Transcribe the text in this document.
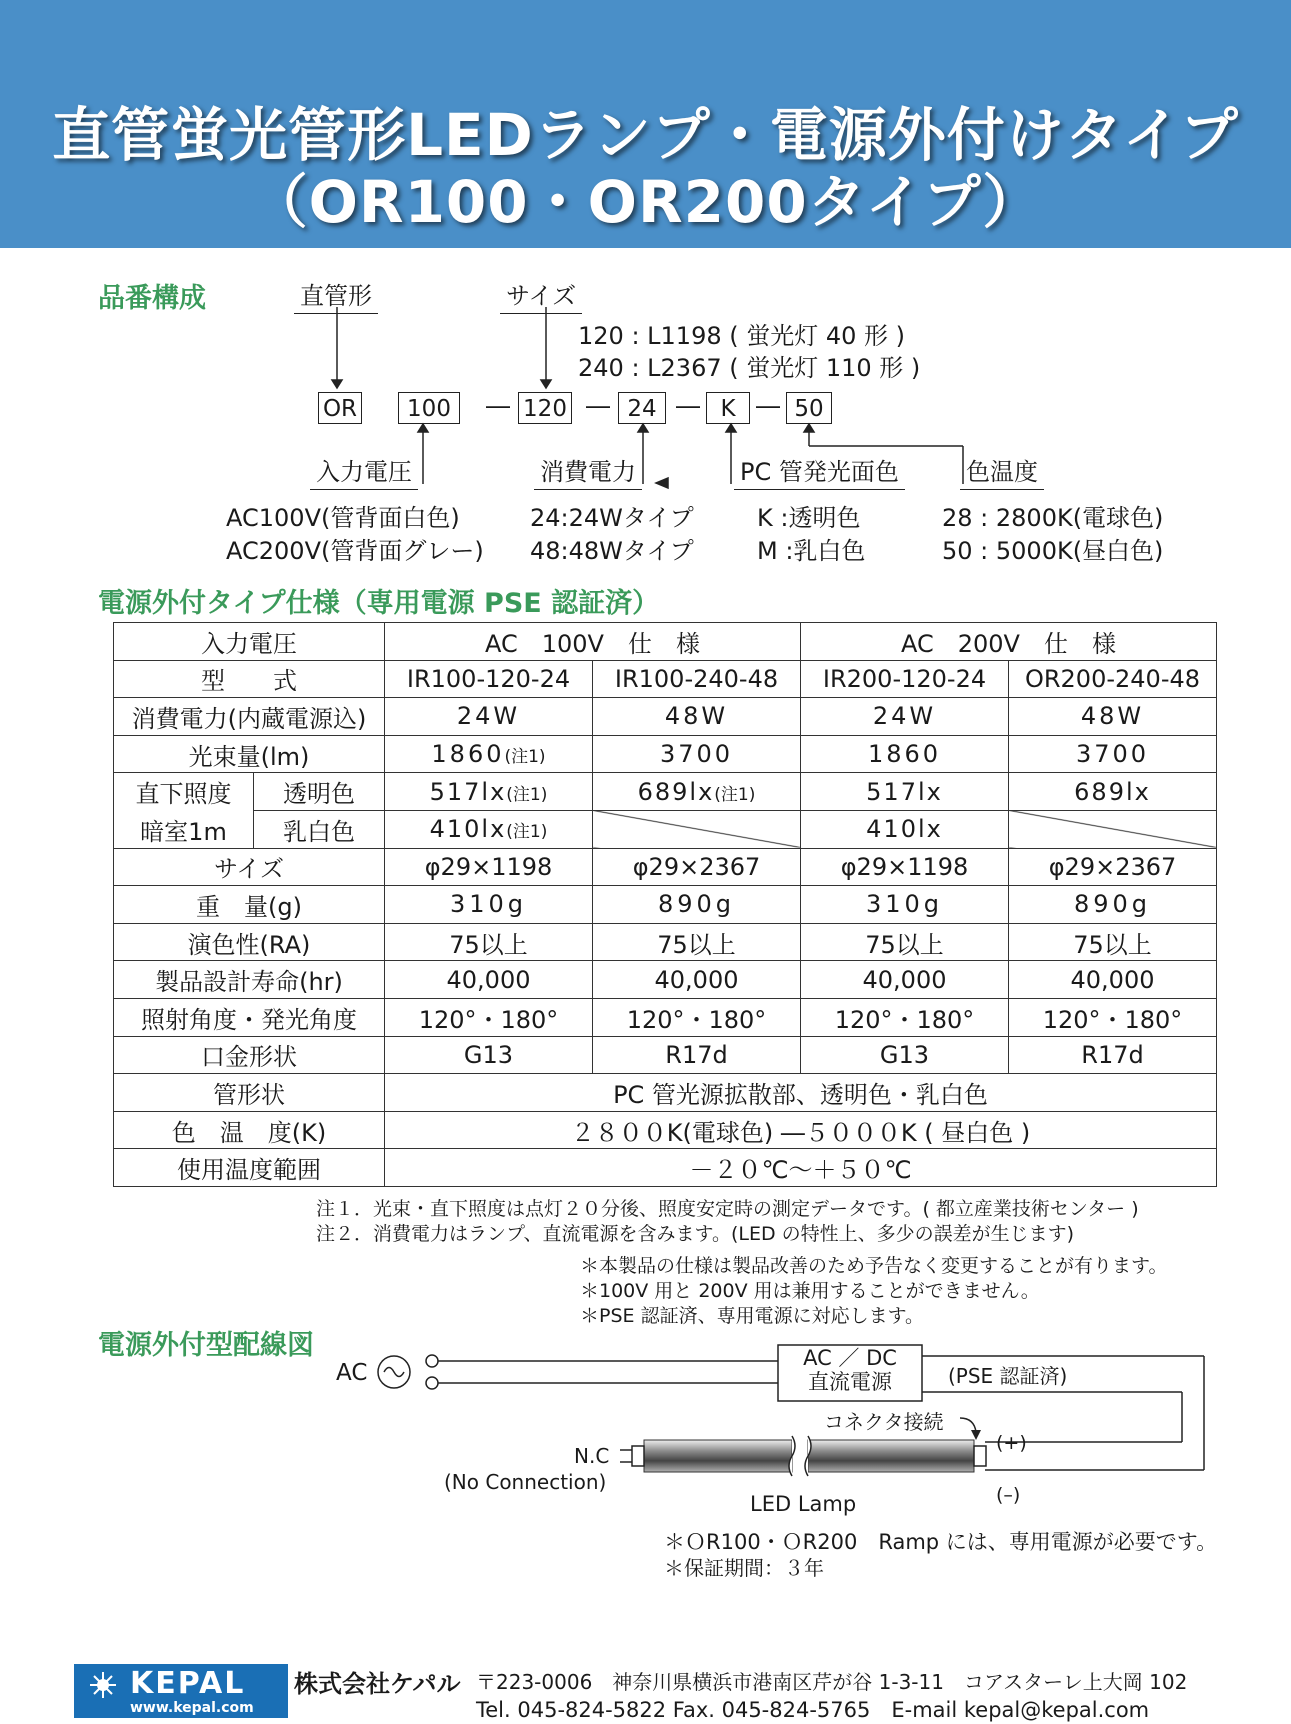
直管蛍光管形LEDランプ・電源外付けタイプ
（OR100・OR200タイプ）
品番構成	直管形	サイズ
120 : L1198 ( 蛍光灯 40 形 )
240 : L2367 ( 蛍光灯 110 形 )
OR	100	― 120 ― 24 ― K ― 50
入力電圧	消費電力	PC 管発光面色	色温度
AC100V(管背面白色)
AC200V(管背面グレー)
24:24Wタイプ
48:48Wタイプ
K :透明色
M :乳白色
28 : 2800K(電球色)
50 : 5000K(昼白色)
電源外付タイプ仕様（専用電源 PSE 認証済）
入力電圧		AC　100V　仕　様		AC　200V　仕　様	
型　　式		IR100-120-24	IR100-240-48	IR200-120-24	OR200-240-48
消費電力(内蔵電源込)		24W	48W	24W	48W
光束量(lm)		1860(注1)	3700	1860	3700
直下照度	透明色	517lx(注1)	689lx(注1)	517lx	689lx
暗室1m	乳白色	410lx(注1)		410lx	
サイズ		φ29×1198	φ29×2367	φ29×1198	φ29×2367
重　量(g)		310g	890g	310g	890g
演色性(RA)		75以上	75以上	75以上	75以上
製品設計寿命(hr)		40,000	40,000	40,000	40,000
照射角度・発光角度		120°・180°	120°・180°	120°・180°	120°・180°
口金形状		G13	R17d	G13	R17d
管形状		PC 管光源拡散部、透明色・乳白色			
色　温　度(K)		２８００K(電球色) ―５０００K ( 昼白色 )			
使用温度範囲		－２０℃～＋５０℃			
注１．光束・直下照度は点灯２０分後、照度安定時の測定データです。( 都立産業技術センター )
注２．消費電力はランプ、直流電源を含みます。(LED の特性上、多少の誤差が生じます)
＊本製品の仕様は製品改善のため予告なく変更することが有ります。
＊100V 用と 200V 用は兼用することができません。
＊PSE 認証済、専用電源に対応します。
電源外付型配線図
AC
AC ／ DC
直流電源	(PSE 認証済)
コネクタ接続
(+)
(–)
N.C
(No Connection)
LED Lamp
＊ＯR100・ＯR200　Ramp には、専用電源が必要です。
＊保証期間：３年
KEPAL
www.kepal.com
株式会社ケパル 〒223-0006　神奈川県横浜市港南区芹が谷 1-3-11　コアスターレ上大岡 102
Tel. 045-824-5822 Fax. 045-824-5765　E-mail kepal@kepal.com
